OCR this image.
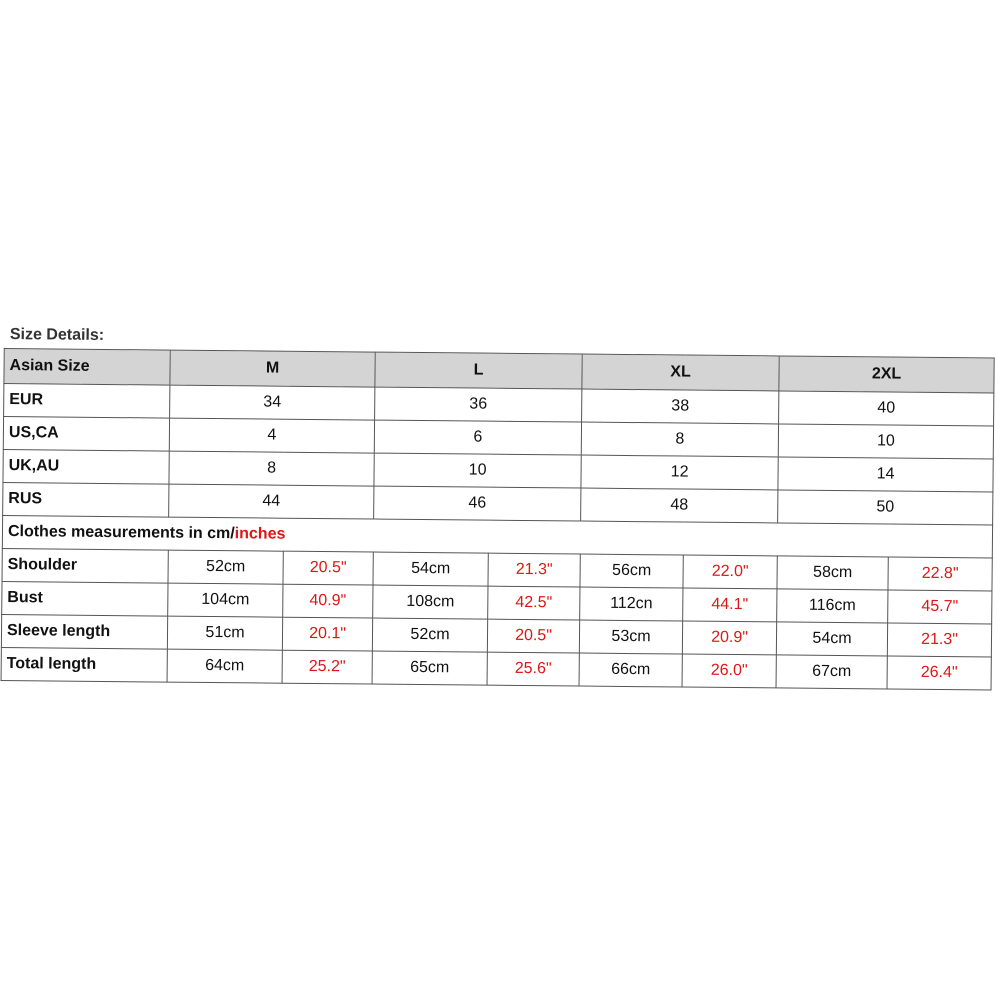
Size Details:
Asian Size	M		L		XL		2XL	
EUR	34		36		38		40	
US,CA	4		6		8		10	
UK,AU	8		10		12		14	
RUS	44		46		48		50	
Clothes measurements in cm/inches								
Shoulder	52cm	20.5"	54cm	21.3"	56cm	22.0"	58cm	22.8"
Bust	104cm	40.9"	108cm	42.5"	112cn	44.1"	116cm	45.7"
Sleeve length	51cm	20.1"	52cm	20.5"	53cm	20.9"	54cm	21.3"
Total length	64cm	25.2"	65cm	25.6"	66cm	26.0"	67cm	26.4"
